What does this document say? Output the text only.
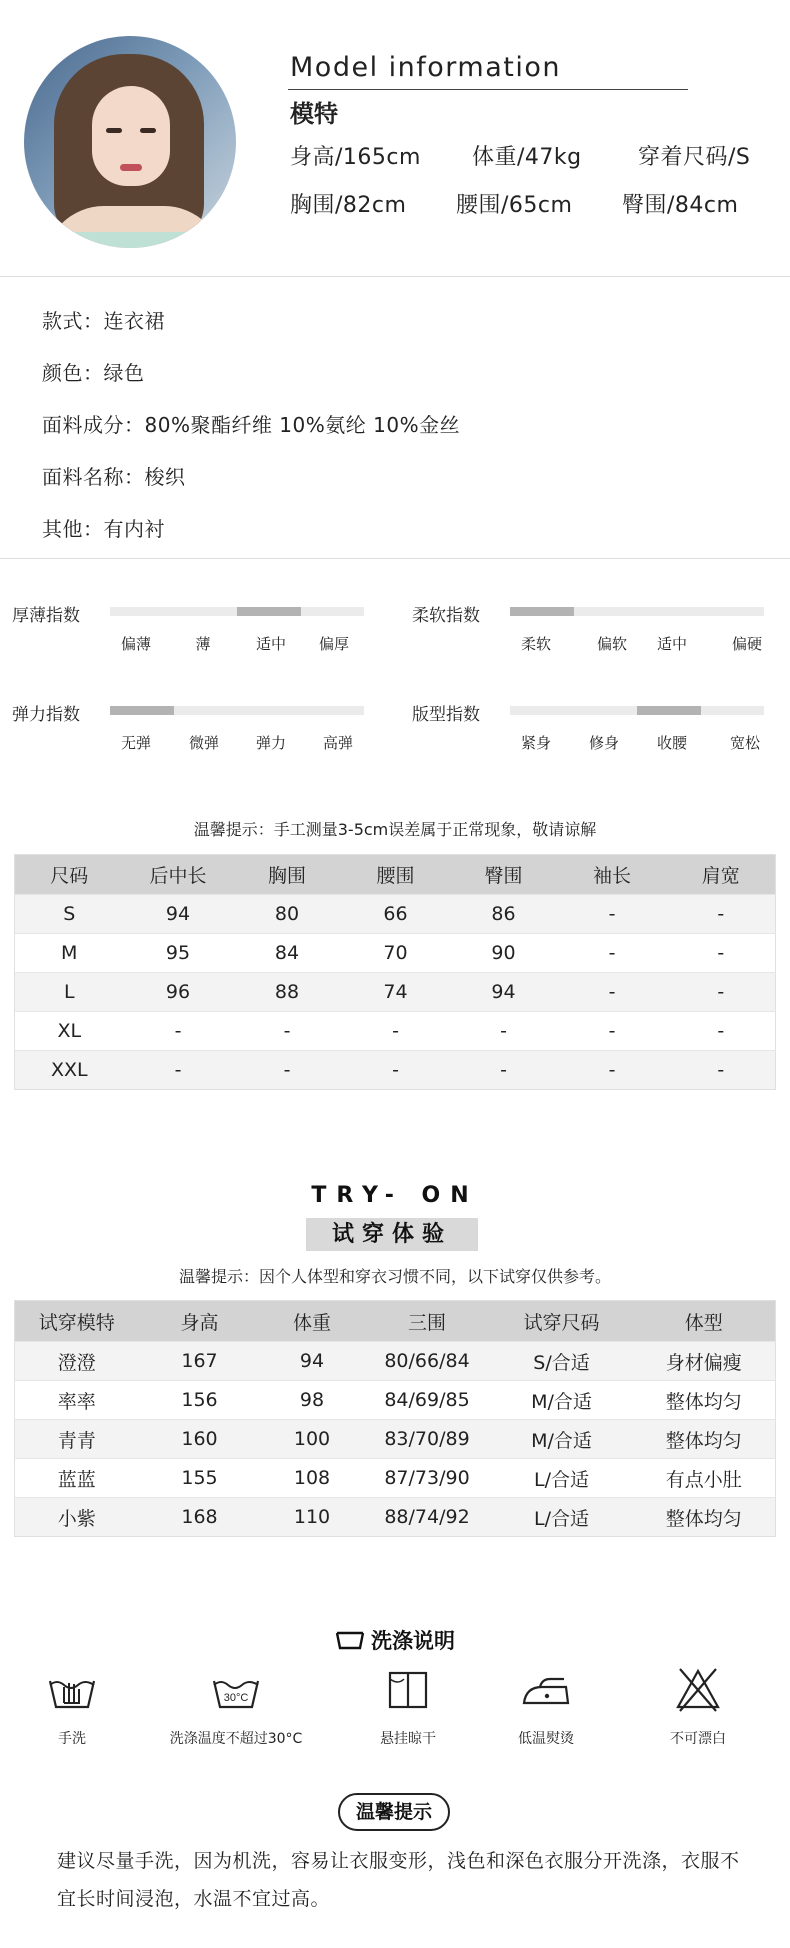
Model information
模特
身高/165cm 体重/47kg	穿着尺码/S
胸围/82cm 腰围/65cm 臀围/84cm
款式：连衣裙
颜色：绿色
面料成分：80%聚酯纤维 10%氨纶 10%金丝
面料名称：梭织
其他：有内衬
厚薄指数
偏薄	薄	适中 偏厚
柔软指数
柔软	偏软 适中	偏硬
弹力指数
无弹	微弹 弹力 高弹
版型指数
紧身	修身	收腰	宽松
温馨提示：手工测量3-5cm误差属于正常现象，敬请谅解
尺码	后中长	胸围	腰围	臀围	袖长	肩宽
S	94	80	66	86	-	-
M	95	84	70	90	-	-
L	96	88	74	94	-	-
XL	-	-	-	-	-	-
XXL	-	-	-	-	-	-
TRY- ON
试穿体验
温馨提示：因个人体型和穿衣习惯不同，以下试穿仅供参考。
试穿模特	身高	体重	三围	试穿尺码	体型
澄澄	167	94	80/66/84	S/合适	身材偏瘦
率率	156	98	84/69/85	M/合适	整体均匀
青青	160	100	83/70/89	M/合适	整体均匀
蓝蓝	155	108	87/73/90	L/合适	有点小肚
小紫	168	110	88/74/92	L/合适	整体均匀
洗涤说明
手洗
30°C
洗涤温度不超过30°C	悬挂晾干	低温熨烫	不可漂白
温馨提示
建议尽量手洗，因为机洗，容易让衣服变形，浅色和深色衣服分开洗涤，衣服不宜长时间浸泡，水温不宜过高。
